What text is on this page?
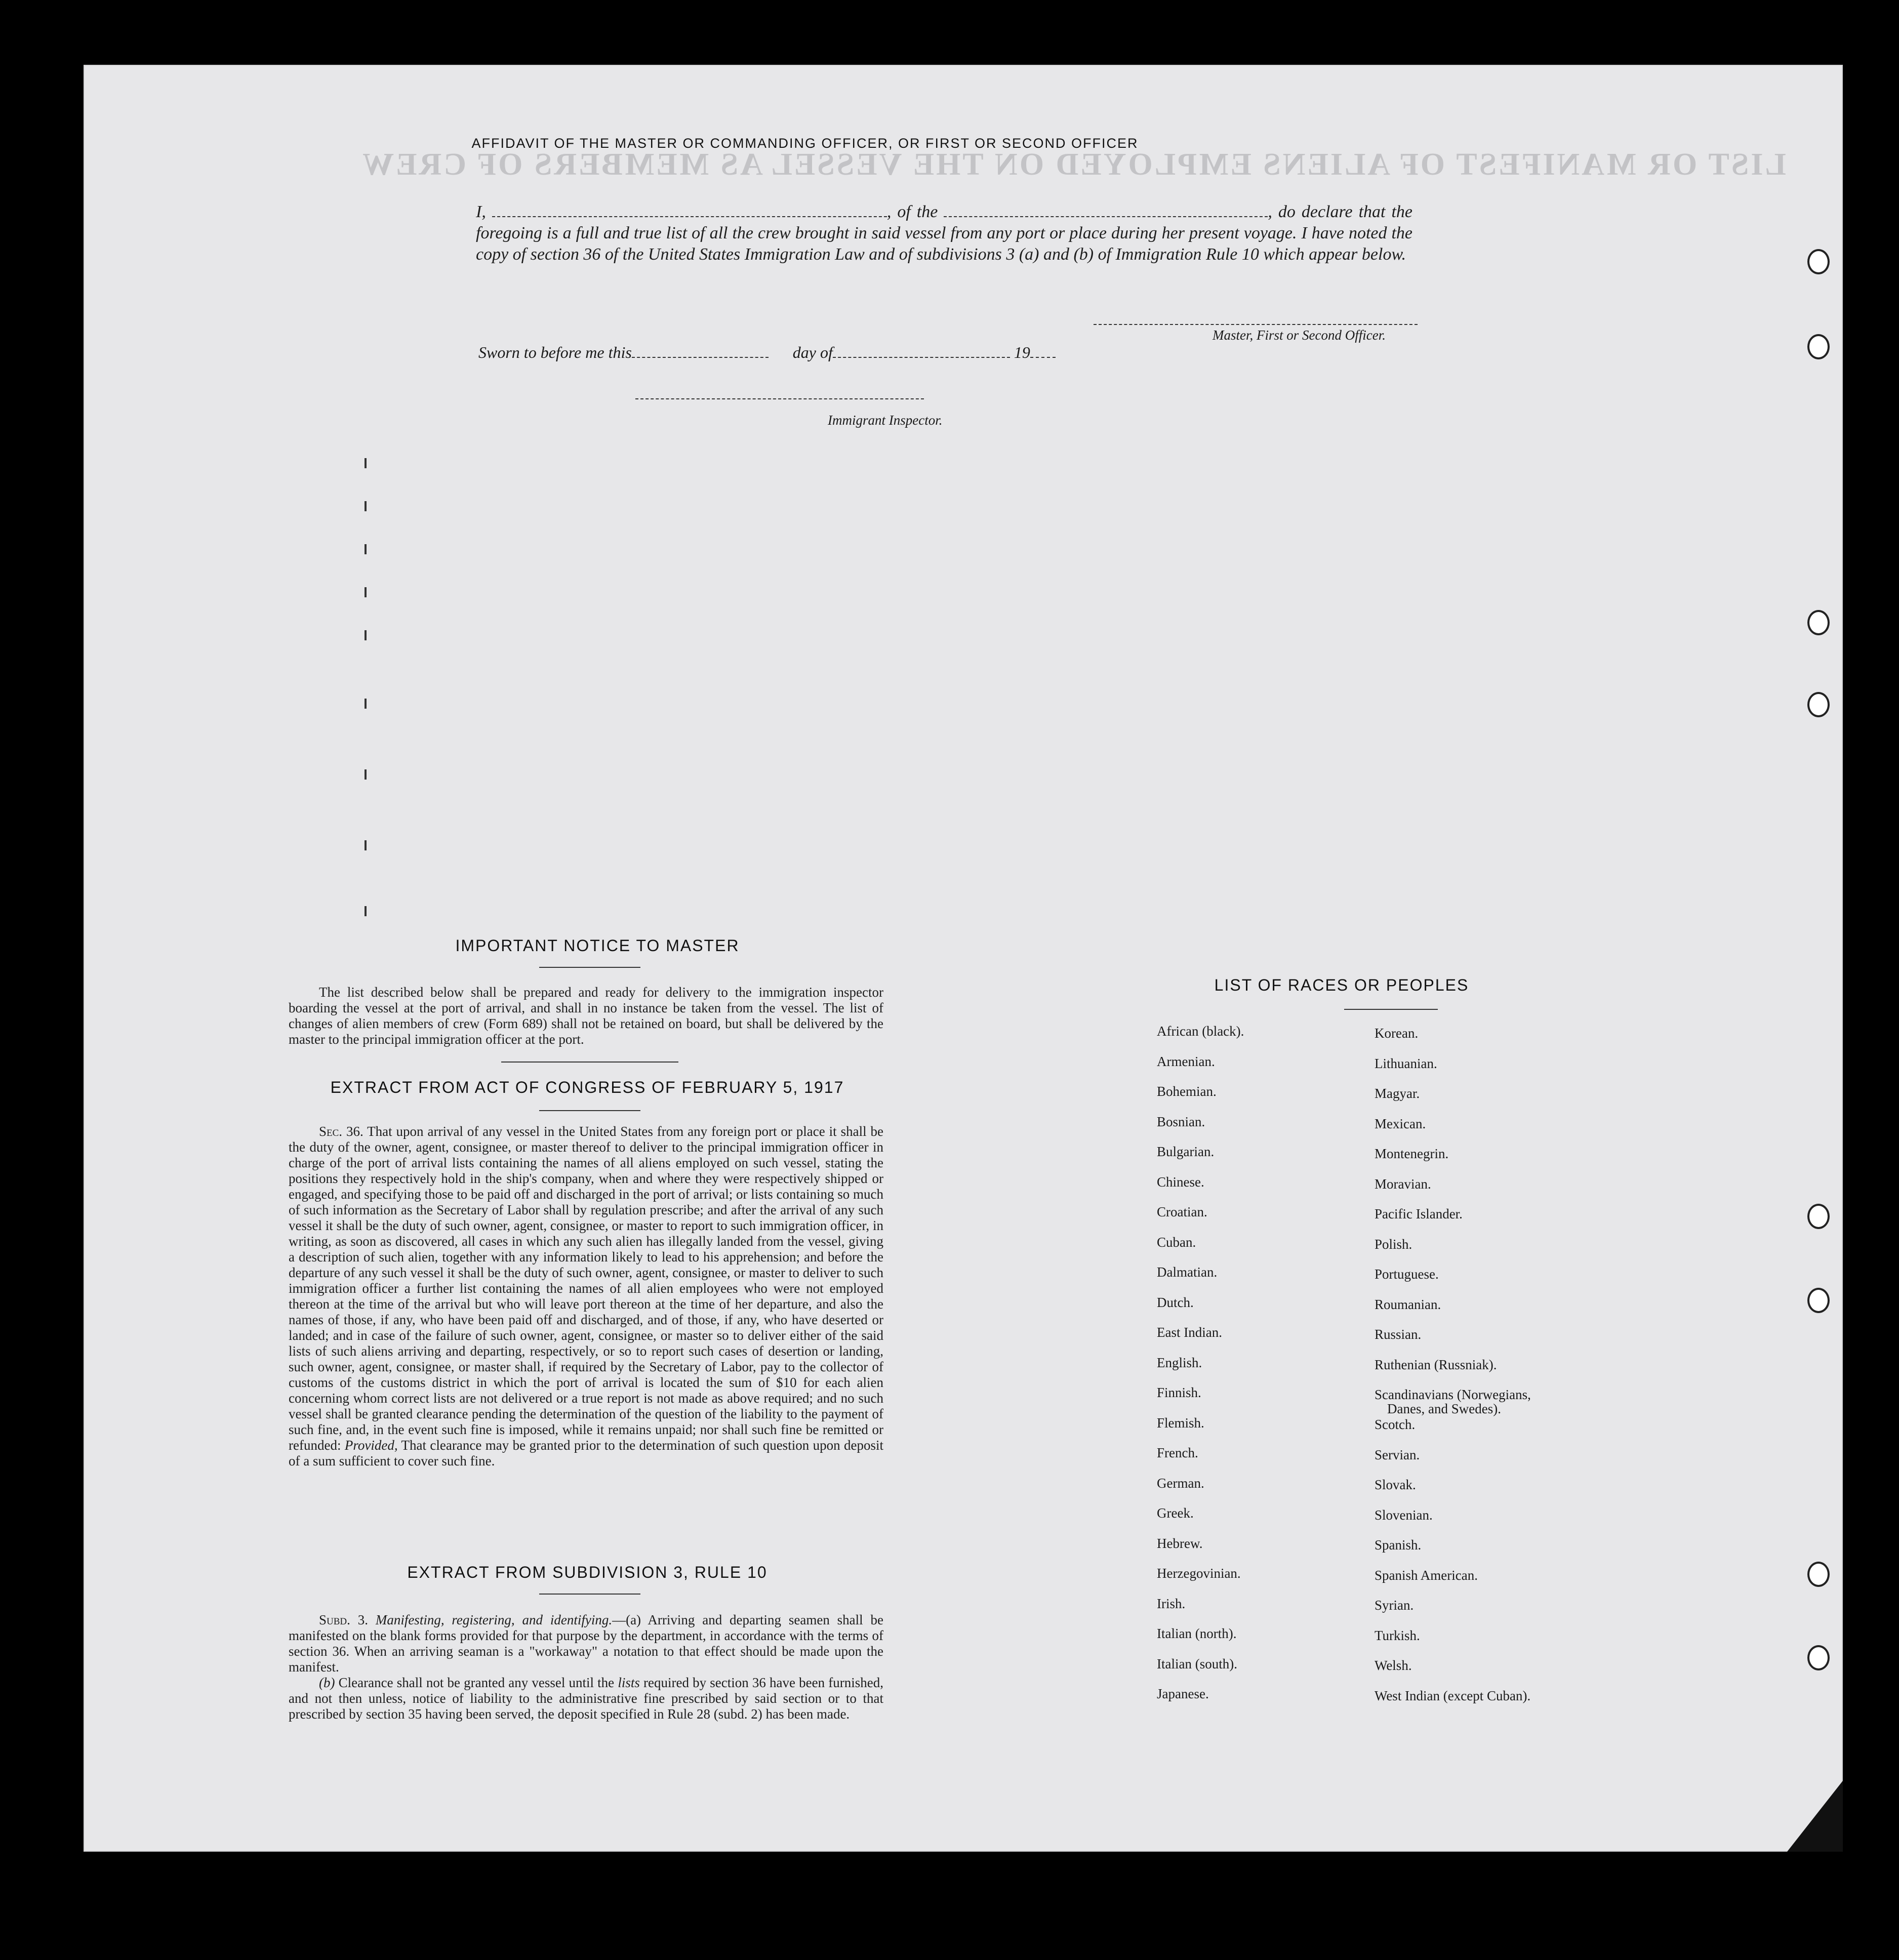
LIST OR MANIFEST OF ALIENS EMPLOYED ON THE VESSEL AS MEMBERS OF CREW
AFFIDAVIT OF THE MASTER OR COMMANDING OFFICER, OR FIRST OR SECOND OFFICER
I,	, of the	, do declare that the foregoing is a full and true list of all the crew brought in said vessel from any port or place during her present voyage. I have noted the copy of section 36 of the United States Immigration Law and of subdivisions 3 (a) and (b) of Immigration Rule 10 which appear below.
Master, First or Second Officer.
Sworn to before me this	day of	19
Immigrant Inspector.
IMPORTANT NOTICE TO MASTER

The list described below shall be prepared and ready for delivery to the immigration inspector boarding the vessel at the port of arrival, and shall in no instance be taken from the vessel. The list of changes of alien members of crew (Form 689) shall not be retained on board, but shall be delivered by the master to the principal immigration officer at the port.

EXTRACT FROM ACT OF CONGRESS OF FEBRUARY 5, 1917

Sec. 36. That upon arrival of any vessel in the United States from any foreign port or place it shall be the duty of the owner, agent, consignee, or master thereof to deliver to the principal immigration officer in charge of the port of arrival lists containing the names of all aliens employed on such vessel, stating the positions they respectively hold in the ship's company, when and where they were respectively shipped or engaged, and specifying those to be paid off and discharged in the port of arrival; or lists containing so much of such information as the Secretary of Labor shall by regulation prescribe; and after the arrival of any such vessel it shall be the duty of such owner, agent, consignee, or master to report to such immigration officer, in writing, as soon as discovered, all cases in which any such alien has illegally landed from the vessel, giving a description of such alien, together with any information likely to lead to his apprehension; and before the departure of any such vessel it shall be the duty of such owner, agent, consignee, or master to deliver to such immigration officer a further list containing the names of all alien employees who were not employed thereon at the time of the arrival but who will leave port thereon at the time of her departure, and also the names of those, if any, who have been paid off and discharged, and of those, if any, who have deserted or landed; and in case of the failure of such owner, agent, consignee, or master so to deliver either of the said lists of such aliens arriving and departing, respectively, or so to report such cases of desertion or landing, such owner, agent, consignee, or master shall, if required by the Secretary of Labor, pay to the collector of customs of the customs district in which the port of arrival is located the sum of $10 for each alien concerning whom correct lists are not delivered or a true report is not made as above required; and no such vessel shall be granted clearance pending the determination of the question of the liability to the payment of such fine, and, in the event such fine is imposed, while it remains unpaid; nor shall such fine be remitted or refunded: Provided, That clearance may be granted prior to the determination of such question upon deposit of a sum sufficient to cover such fine.

EXTRACT FROM SUBDIVISION 3, RULE 10

Subd. 3. Manifesting, registering, and identifying.—(a) Arriving and departing seamen shall be manifested on the blank forms provided for that purpose by the department, in accordance with the terms of section 36. When an arriving seaman is a "workaway" a notation to that effect should be made upon the manifest.

(b) Clearance shall not be granted any vessel until the lists required by section 36 have been furnished, and not then unless, notice of liability to the administrative fine prescribed by said section or to that prescribed by section 35 having been served, the deposit specified in Rule 28 (subd. 2) has been made.

LIST OF RACES OR PEOPLES
African (black).
Armenian.
Bohemian.
Bosnian.
Bulgarian.
Chinese.
Croatian.
Cuban.
Dalmatian.
Dutch.
East Indian.
English.
Finnish.
Flemish.
French.
German.
Greek.
Hebrew.
Herzegovinian.
Irish.
Italian (north).
Italian (south).
Japanese.
Korean.
Lithuanian.
Magyar.
Mexican.
Montenegrin.
Moravian.
Pacific Islander.
Polish.
Portuguese.
Roumanian.
Russian.
Ruthenian (Russniak).
Scandinavians (Norwegians,
Danes, and Swedes).
Scotch.
Servian.
Slovak.
Slovenian.
Spanish.
Spanish American.
Syrian.
Turkish.
Welsh.
West Indian (except Cuban).
